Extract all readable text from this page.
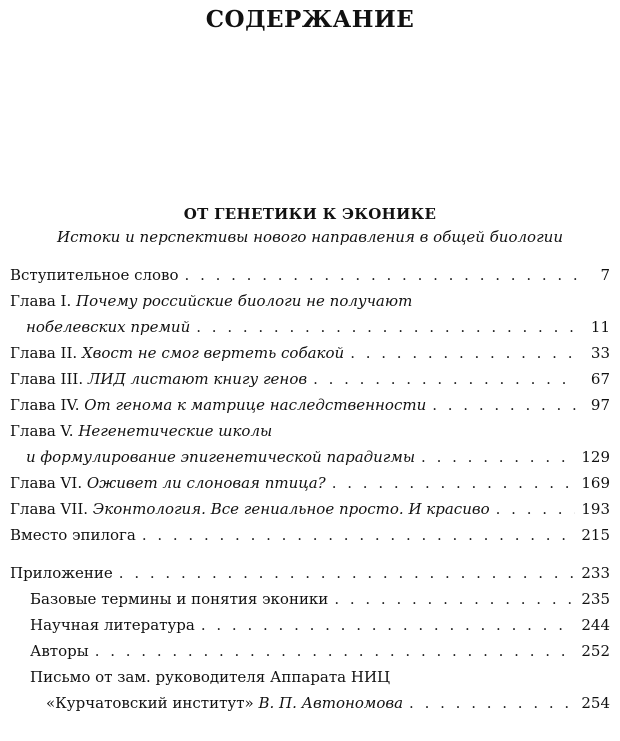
СОДЕРЖАНИЕ
ОТ ГЕНЕТИКИ К ЭКОНИКЕ
Истоки и перспективы нового направления в общей биологии
Вступительное слово . . .	7
Глава I. Почему российские биологи не получают
нобелевских премий . . .	11
Глава II. Хвост не смог вертеть собакой . . .	33
Глава III. ЛИД листают книгу генов . . .	67
Глава IV. От генома к матрице наследственности . . .	97
Глава V. Негенетические школы
и формулирование эпигенетической парадигмы . . .	129
Глава VI. Оживет ли слоновая птица? . . .	169
Глава VII. Эконтология. Все гениальное просто. И красиво . . .	193
Вместо эпилога . . .	215
Приложение . . .	233
Базовые термины и понятия эконики . . .	235
Научная литература . . .	244
Авторы . . .	252
Письмо от зам. руководителя Аппарата НИЦ
«Курчатовский институт» В. П. Автономова . . .	254
